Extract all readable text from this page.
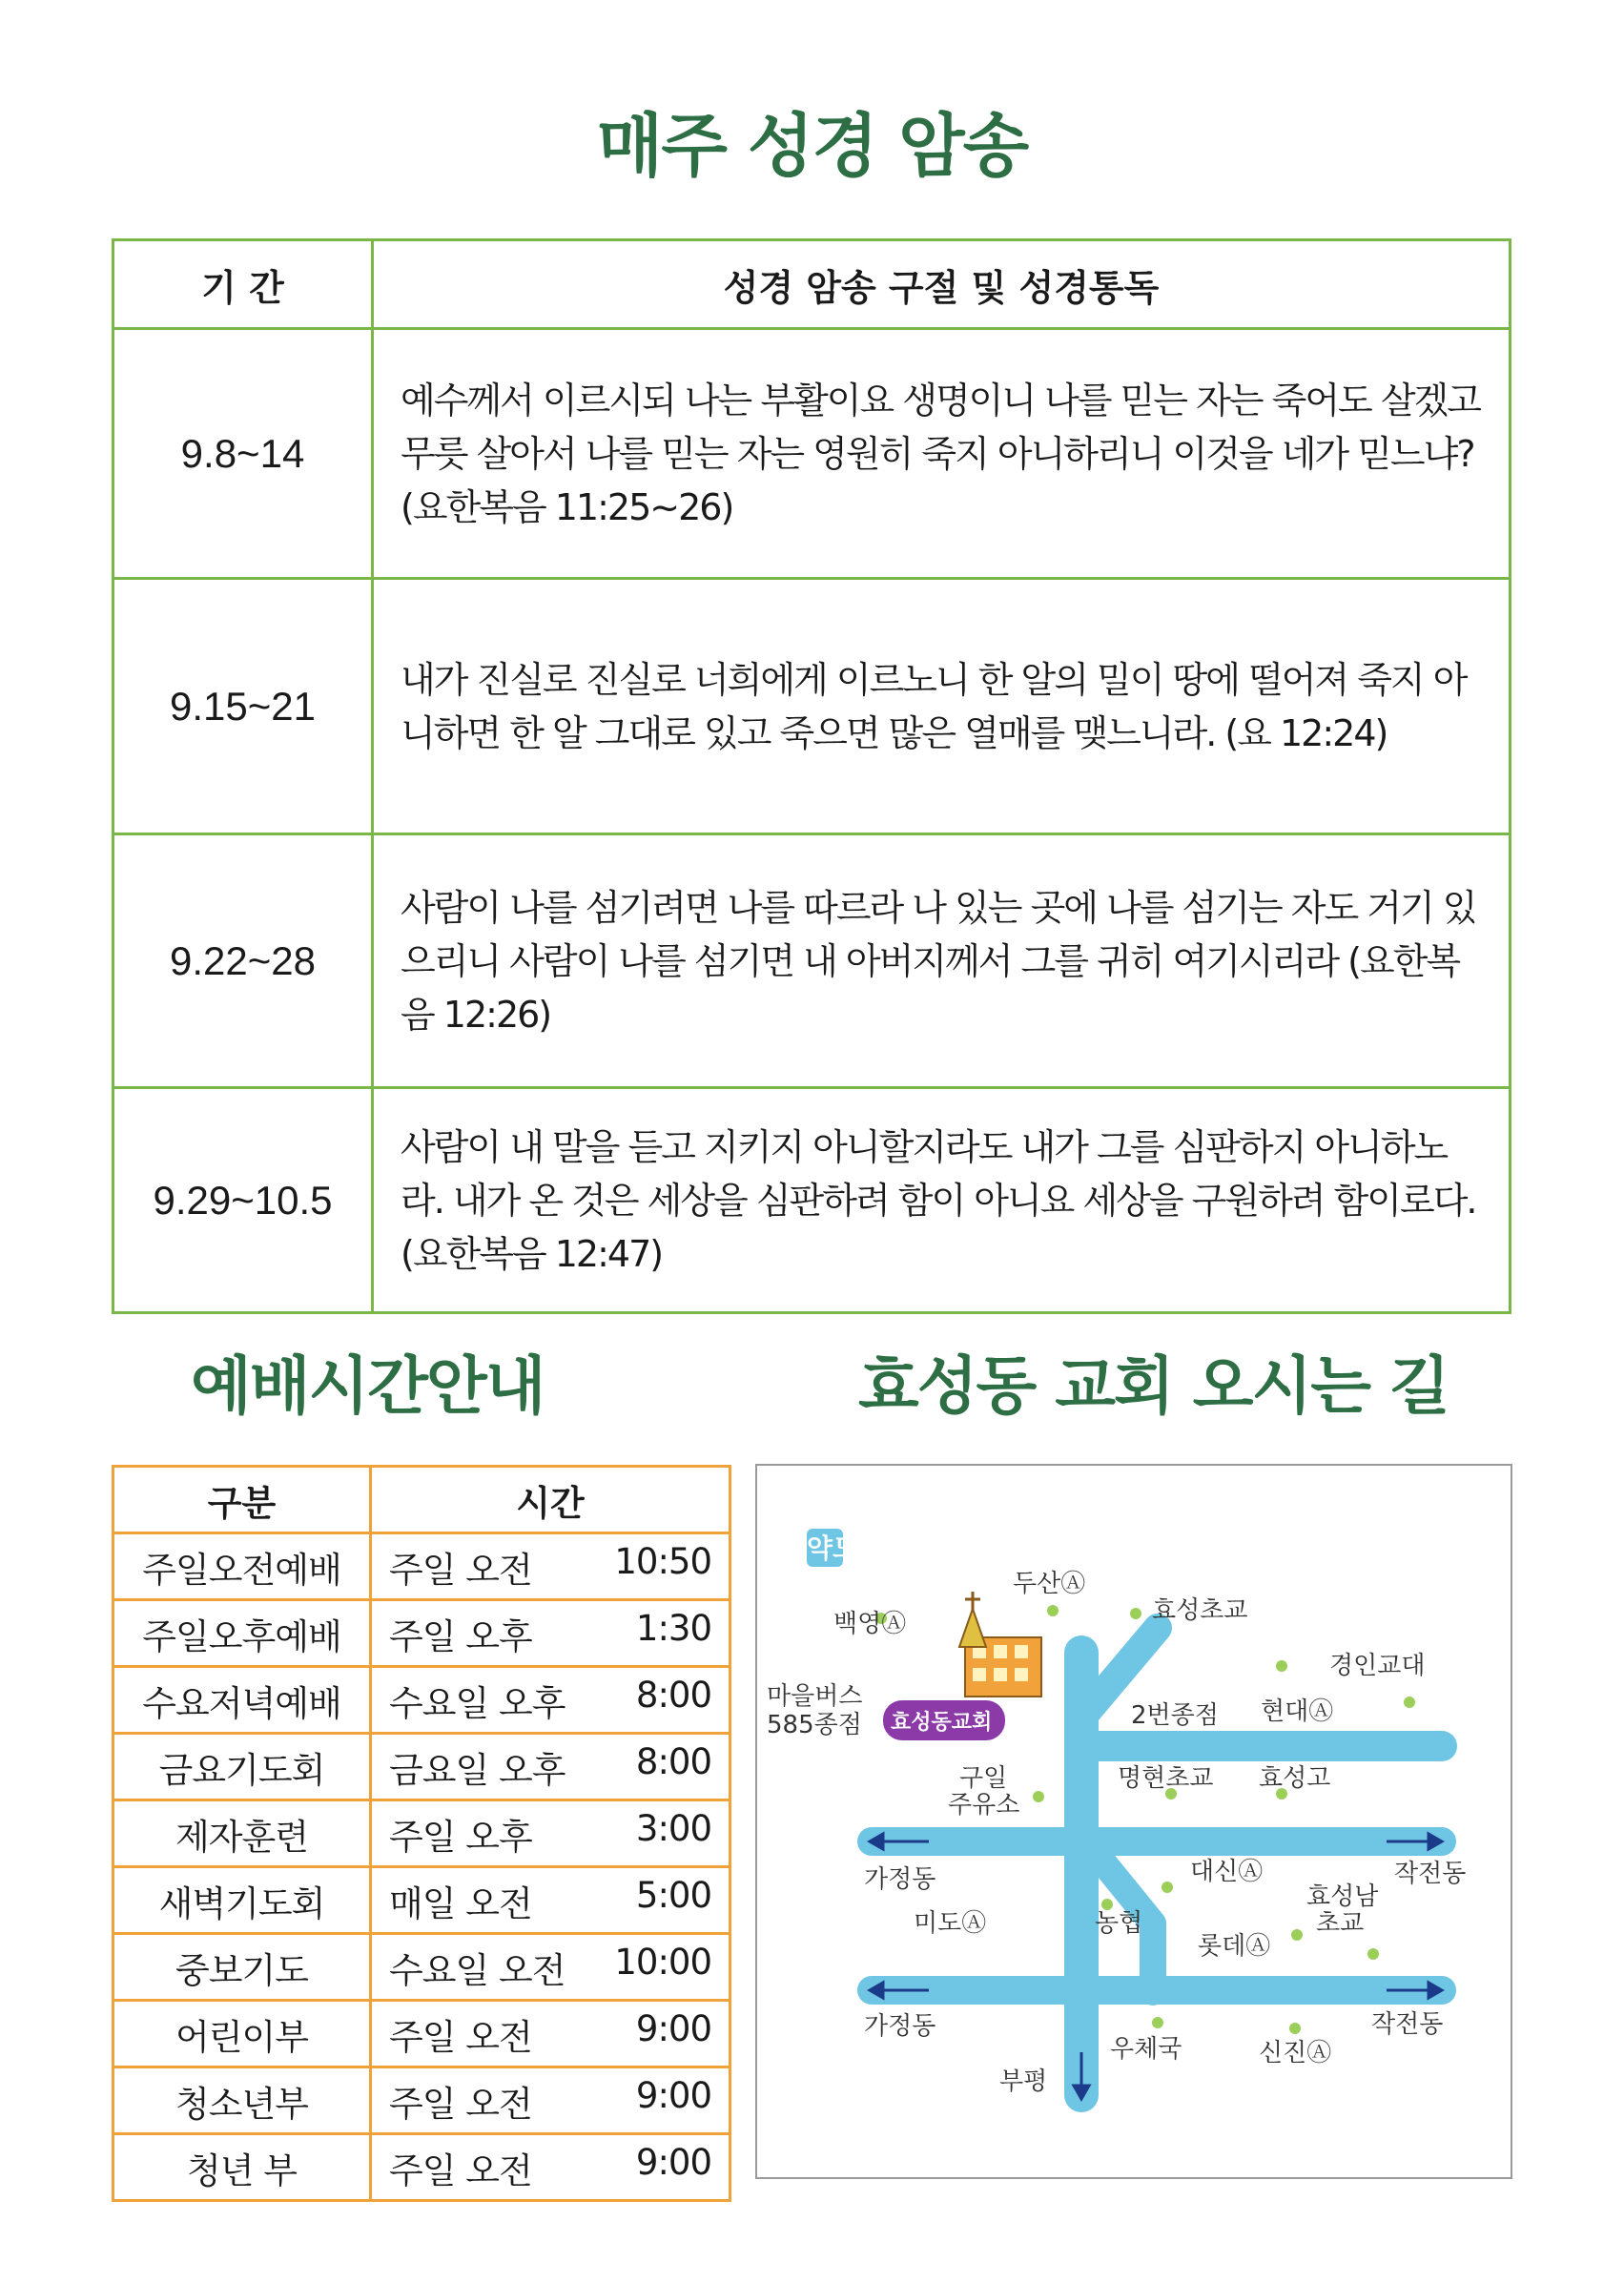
매주 성경 암송
기 간	성경 암송 구절 및 성경통독
9.8~14	예수께서 이르시되 나는 부활이요 생명이니 나를 믿는 자는 죽어도 살겠고 무릇 살아서 나를 믿는 자는 영원히 죽지 아니하리니 이것을 네가 믿느냐? (요한복음 11:25~26)
9.15~21	내가 진실로 진실로 너희에게 이르노니 한 알의 밀이 땅에 떨어져 죽지 아니하면 한 알 그대로 있고 죽으면 많은 열매를 맺느니라. (요 12:24)
9.22~28	사람이 나를 섬기려면 나를 따르라 나 있는 곳에 나를 섬기는 자도 거기 있으리니 사람이 나를 섬기면 내 아버지께서 그를 귀히 여기시리라 (요한복음 12:26)
9.29~10.5	사람이 내 말을 듣고 지키지 아니할지라도 내가 그를 심판하지 아니하노라. 내가 온 것은 세상을 심판하려 함이 아니요 세상을 구원하려 함이로다. (요한복음 12:47)
예배시간안내	효성동 교회 오시는 길
구분	시간
주일오전예배	주일 오전 10:50

주일오후예배	주일 오후 1:30

수요저녁예배	수요일 오후 8:00

금요기도회	금요일 오후 8:00

제자훈련	주일 오후 3:00

새벽기도회	매일 오전 5:00

중보기도	수요일 오전 10:00

어린이부	주일 오전 9:00

청소년부	주일 오전 9:00

청년 부	주일 오전 9:00
약도
효성동교회
마을버스
585종점
두산Ⓐ
효성초교
백영Ⓐ
경인교대
현대Ⓐ
2번종점
명현초교 효성고
구일
주유소
가정동	대신Ⓐ	작전동
효성남
초교
미도Ⓐ	농협
롯데Ⓐ
가정동	작전동
우체국	신진Ⓐ
부평
